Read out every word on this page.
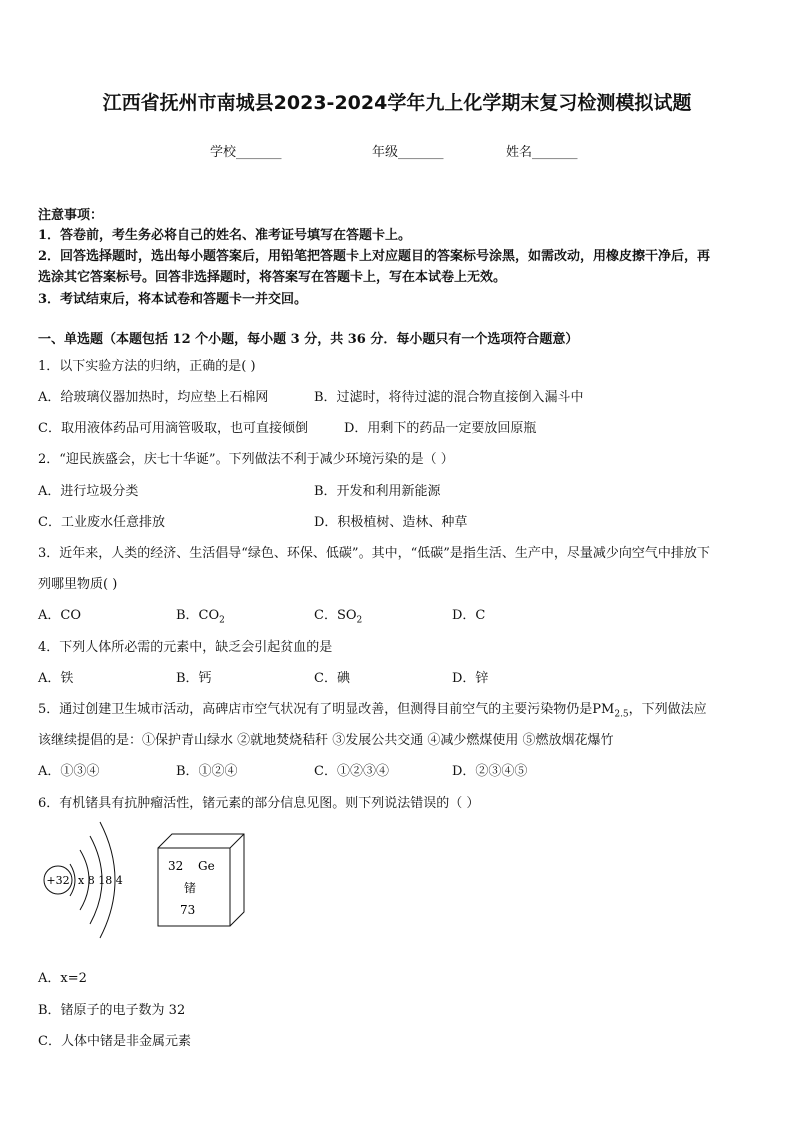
江西省抚州市南城县2023-2024学年九上化学期末复习检测模拟试题
学校_______	年级_______	姓名_______
注意事项：
1．答卷前，考生务必将自己的姓名、准考证号填写在答题卡上。
2．回答选择题时，选出每小题答案后，用铅笔把答题卡上对应题目的答案标号涂黑，如需改动，用橡皮擦干净后，再
选涂其它答案标号。回答非选择题时，将答案写在答题卡上，写在本试卷上无效。
3．考试结束后，将本试卷和答题卡一并交回。
一、单选题（本题包括 12 个小题，每小题 3 分，共 36 分．每小题只有一个选项符合题意）
1．以下实验方法的归纳，正确的是( )
A．给玻璃仪器加热时，均应垫上石棉网	B．过滤时，将待过滤的混合物直接倒入漏斗中
C．取用液体药品可用滴管吸取，也可直接倾倒	D．用剩下的药品一定要放回原瓶
2．“迎民族盛会，庆七十华诞”。下列做法不利于减少环境污染的是（ ）
A．进行垃圾分类	B．开发和利用新能源
C．工业废水任意排放	D．积极植树、造林、种草
3．近年来，人类的经济、生活倡导“绿色、环保、低碳”。其中，“低碳”是指生活、生产中，尽量减少向空气中排放下
列哪里物质( )
A．CO	B．$CO_2$	C．$SO_2$	D．C
4．下列人体所必需的元素中，缺乏会引起贫血的是
A．铁	B．钙	C．碘	D．锌
5．通过创建卫生城市活动，高碑店市空气状况有了明显改善，但测得目前空气的主要污染物仍是$PM_{2.5}$，下列做法应
该继续提倡的是：①保护青山绿水 ②就地焚烧秸秆 ③发展公共交通 ④减少燃煤使用 ⑤燃放烟花爆竹
A．①③④	B．①②④	C．①②③④	D．②③④⑤
6．有机锗具有抗肿瘤活性，锗元素的部分信息见图。则下列说法错误的（ ）
+32 x 8 18 4
32 Ge
锗
73
A．x=2
B．锗原子的电子数为 32
C．人体中锗是非金属元素
